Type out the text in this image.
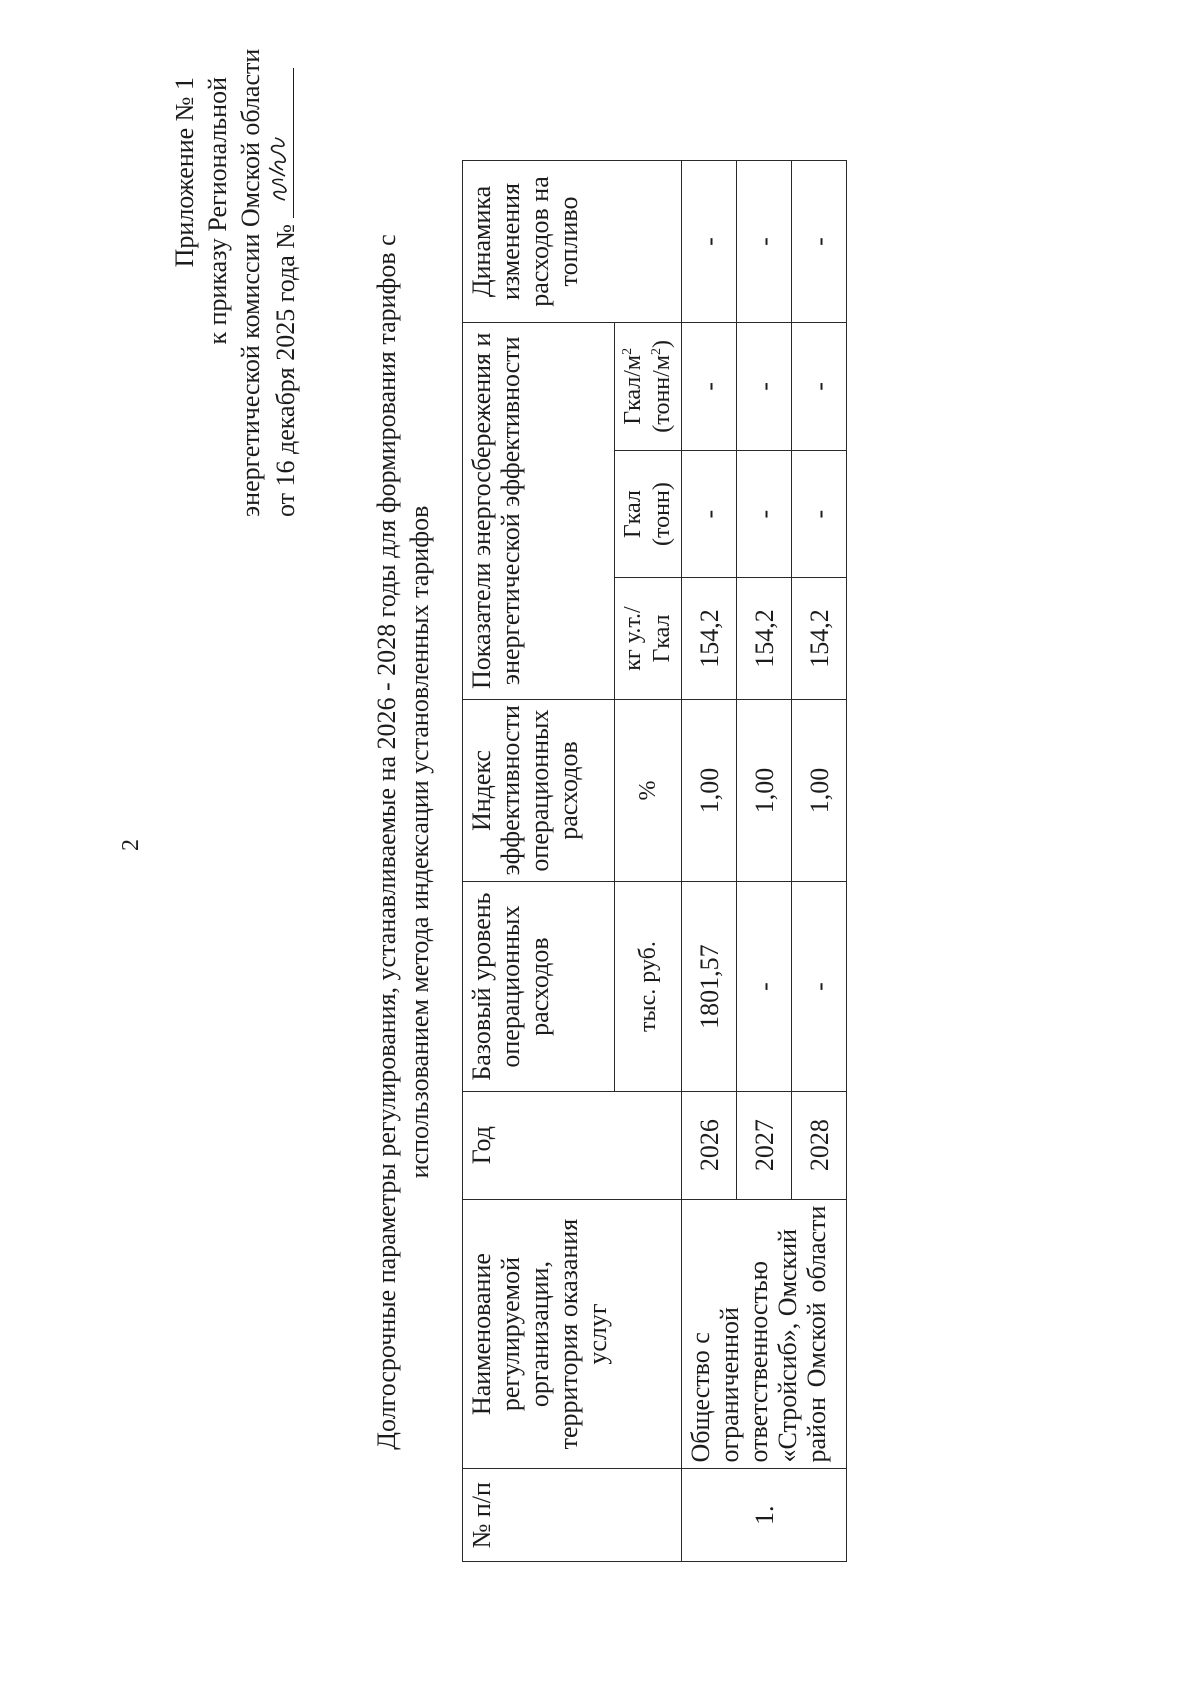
2
Приложение № 1 к приказу Региональной энергетической комиссии Омской области от 16 декабря 2025 года №	Долгосрочные параметры регулирования, устанавливаемые на 2026 - 2028 годы для формирования тарифов с использованием метода индексации установленных тарифов
№ п/п	Наименование регулируемой организации, территория оказания услуг	Год	Базовый уровень операционных расходов	Индекс эффективности операционных расходов	Показатели энергосбережения и энергетической эффективности			Динамика изменения расходов на топливо
			тыс. руб.	%	кг у.т./ Гкал	Гкал (тонн)	Гкал/$м^2$
$(тонн/м^2)$	
1.	Общество с ограниченной ответственностью «Стройсиб», Омский район Омской области	2026	1801,57	1,00	154,2	-	-	-
		2027	-	1,00	154,2	-	-	-
		2028	-	1,00	154,2	-	-	-
